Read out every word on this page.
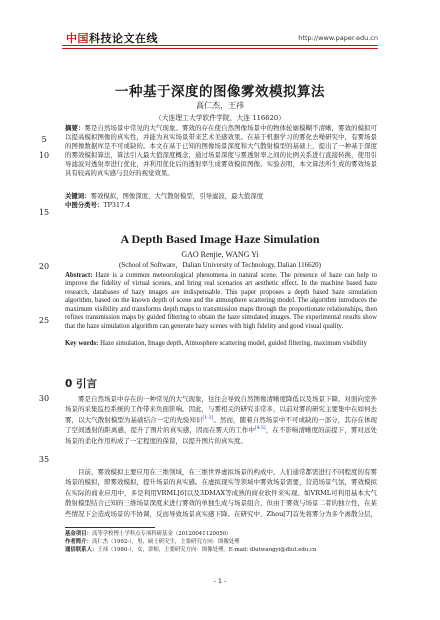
中国科技论文在线	http://www.paper.edu.cn
5
10
15
20
25
30
35
一种基于深度的图像雾效模拟算法
高仁杰，王祎
（大连理工大学软件学院，大连 116620）
摘要：雾是自然场景中常见的大气现象。雾效的存在使自然图像场景中的物体轮廓模糊不清晰，雾效的模拟可以提高模拟图像的真实性，并能为真实场景带来艺术美感效果。在基于机器学习的雾化去噪研究中，有雾场景的图像数据库是不可或缺的。本文在基于已知的图像场景深度和大气散射模型的基础上，提出了一种基于深度的雾效模拟算法，算法引入最大值深度概念，通过场景深度与雾透射率之间的比例关系进行直接转换，使用引导滤波对透射率进行优化，并利用优化后的透射率生成雾效模拟图像。实验表明，本文算法所生成的雾效场景具有较高的真实感与良好的视觉效果。
关键词：雾效模拟，图像深度，大气散射模型，引导滤波，最大值深度
中图分类号：TP317.4
A Depth Based Image Haze Simulation
GAO Renjie, WANG Yi
(School of Software，Dalian University of Technology, Dalian 116620)
Abstract: Haze is a common meteorological phenomena in natural scene. The presence of haze can help to improve the fidelity of virtual scenes, and bring real scenarios art aesthetic effect. In the machine based haze research, databases of hazy images are indispensable. This paper proposes a depth based haze simulation algorithm, based on the known depth of scene and the atmosphere scattering model. The algorithm introduces the maximum visibility and transforms depth maps to transmission maps through the proportionate relationships, then refines transmission maps by guided filtering to obtain the haze simulated images. The experimental results show that the haze simulation algorithm can generate hazy scenes with high fidelity and good visual quality.
Key words: Haze simulation, Image depth, Atmosphere scattering model, guided filtering, maximum visibility
0 引言
雾是自然场景中存在的一种常见的大气现象，往往会导致自然图像清晰度降低以及场景下降，对面向室外场景的采集监控系统的工作带来负面影响。因此，与雾相关的研究非常多，以前对雾的研究主要集中在如何去雾，以大气散射模型为基础结合一定的先验知识[1-3]。然而，随着自然场景中不可或缺的一部分，其存在体现了空间透射的距离感，提升了图片的真实感，因而在雾天的工作中[4-5]，在不影响清晰度的前提下，雾对远处场景的柔化作用构成了一定程度的保留，以提升图片的真实度。
目前，雾效模拟主要应用在三维领域，在三维世界虚拟场景的构成中，人们通常都需进行不同程度的有雾场景的模拟，即雾效模拟，提升场景的真实感。在虚拟现实等领域中雾效场景需要，营造场景气氛，雾效模拟在实际的商业应用中，多是利用VRML[6]以及3DMAX等成熟的商业软件来实现。如VRML可利用基本大气散射模型结合已知的三维场景深度来进行雾效的单独生成与场景组合，但由于雾效与场景二者的独立性，在某些情况下会造成场景的不协调，反而导致场景真实感下降。在研究中，Zhou[7]首先将雾分为多个离散分层，
基金项目：高等学校博士学科点专项科研基金（20120041120050）
作者简介：高仁杰（1992-），男，硕士研究生，主要研究方向：图像处理
通信联系人：王祎（1980-），女，讲师，主要研究方向：图像处理。E-mail: dlutwangyi@dlut.edu.cn
- 1 -
